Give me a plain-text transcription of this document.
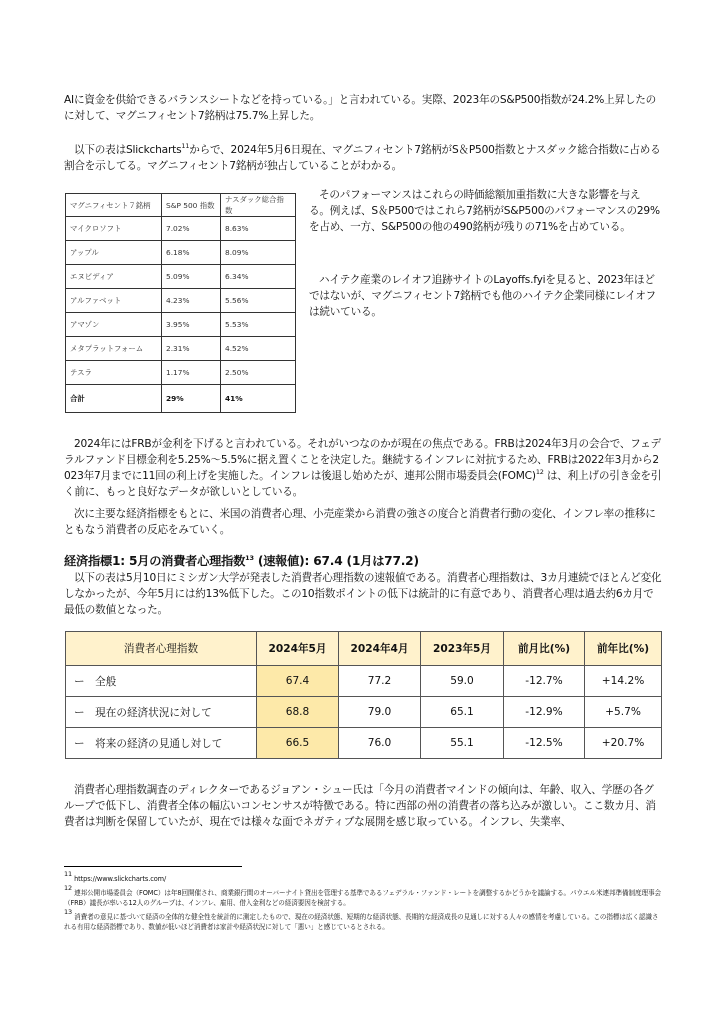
AIに資金を供給できるバランスシートなどを持っている。」と言われている。実際、2023年のS&P500指数が24.2%上昇したのに対して、マグニフィセント7銘柄は75.7%上昇した。

以下の表はSlickcharts$^{11}$からで、2024年5月6日現在、マグニフィセント7銘柄がS＆P500指数とナスダック総合指数に占める割合を示してる。マグニフィセント7銘柄が独占していることがわかる。

マグニフィセント７銘柄	S&P 500 指数	ナスダック総合指数
マイクロソフト	7.02%	8.63%
アップル	6.18%	8.09%
エヌビディア	5.09%	6.34%
アルファベット	4.23%	5.56%
アマゾン	3.95%	5.53%
メタプラットフォーム	2.31%	4.52%
テスラ	1.17%	2.50%
合計	29%	41%

そのパフォーマンスはこれらの時価総額加重指数に大きな影響を与える。例えば、S＆P500ではこれら7銘柄がS&P500のパフォーマンスの29%を占め、一方、S&P500の他の490銘柄が残りの71%を占めている。

ハイテク産業のレイオフ追跡サイトのLayoffs.fyiを見ると、2023年ほどではないが、マグニフィセント7銘柄でも他のハイテク企業同様にレイオフは続いている。

2024年にはFRBが金利を下げると言われている。それがいつなのかが現在の焦点である。FRBは2024年3月の会合で、フェデラルファンド目標金利を5.25%～5.5%に据え置くことを決定した。継続するインフレに対抗するため、FRBは2022年3月から2023年7月までに11回の利上げを実施した。インフレは後退し始めたが、連邦公開市場委員会(FOMC)$^{12}$ は、利上げの引き金を引く前に、もっと良好なデータが欲しいとしている。

次に主要な経済指標をもとに、米国の消費者心理、小売産業から消費の強さの度合と消費者行動の変化、インフレ率の推移にともなう消費者の反応をみていく。

経済指標1: 5月の消費者心理指数$^{13}$ (速報値): 67.4 (1月は77.2)

以下の表は5月10日にミシガン大学が発表した消費者心理指数の速報値である。消費者心理指数は、3カ月連続でほとんど変化しなかったが、今年5月には約13%低下した。この10指数ポイントの低下は統計的に有意であり、消費者心理は過去約6カ月で最低の数値となった。

消費者心理指数	2024年5月	2024年4月	2023年5月	前月比(%)	前年比(%)
ー　全般	67.4	77.2	59.0	-12.7%	+14.2%
ー　現在の経済状況に対して	68.8	79.0	65.1	-12.9%	+5.7%
ー　将来の経済の見通し対して	66.5	76.0	55.1	-12.5%	+20.7%

消費者心理指数調査のディレクターであるジョアン・シュー氏は「今月の消費者マインドの傾向は、年齢、収入、学歴の各グループで低下し、消費者全体の幅広いコンセンサスが特徴である。特に西部の州の消費者の落ち込みが激しい。ここ数カ月、消費者は判断を保留していたが、現在では様々な面でネガティブな展開を感じ取っている。インフレ、失業率、

$^{11}$ https://www.slickcharts.com/

$^{12}$ 連邦公開市場委員会（FOMC）は年8回開催され、商業銀行間のオーバーナイト貸出を管理する基準であるフェデラル・ファンド・レートを調整するかどうかを議論する。パウエル米連邦準備制度理事会（FRB）議長が率いる12人のグループは、インフレ、雇用、借入金利などの経済要因を検討する。

$^{13}$ 消費者の意見に基づいて経済の全体的な健全性を統計的に測定したもので、現在の経済状態、短期的な経済状態、長期的な経済成長の見通しに対する人々の感情を考慮している。この指標は広く認識される有用な経済指標であり、数値が低いほど消費者は家計や経済状況に対して「悪い」と感じているとされる。
